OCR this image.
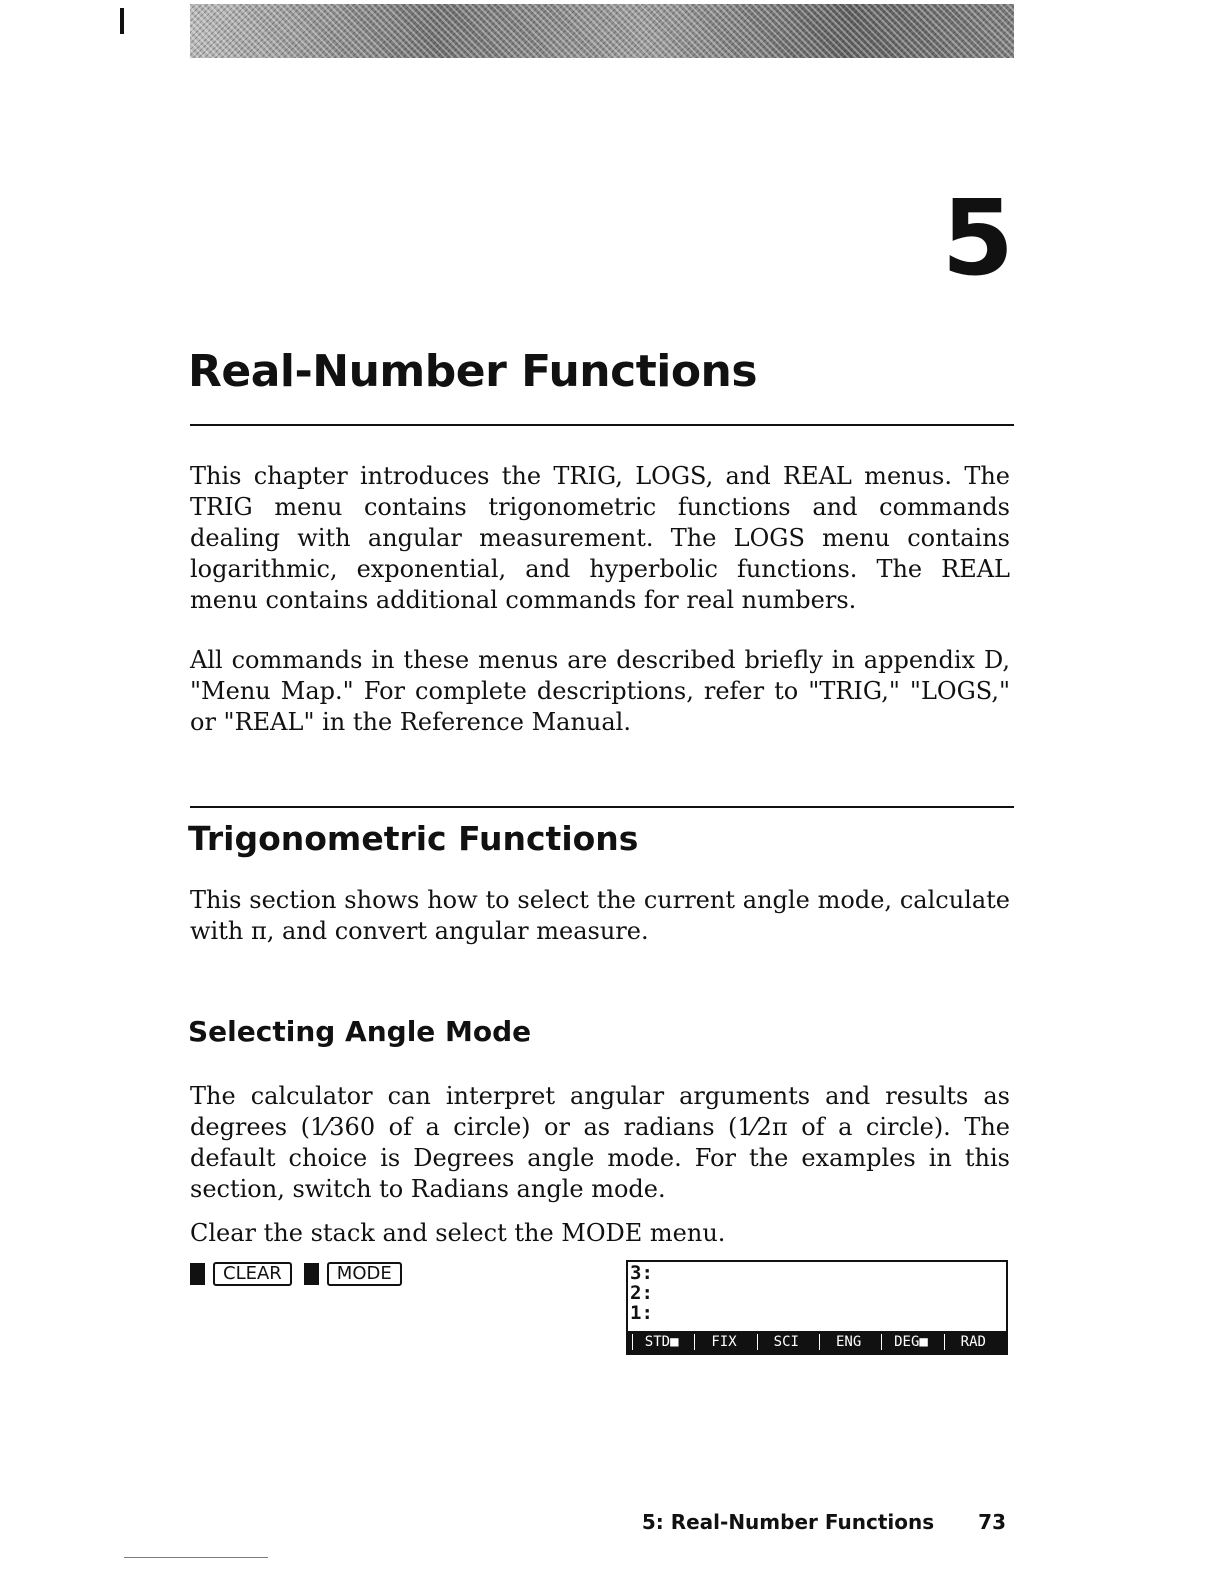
5
Real-Number Functions

This chapter introduces the TRIG, LOGS, and REAL menus. The TRIG menu contains trigonometric functions and commands dealing with angular measurement. The LOGS menu contains logarithmic, exponential, and hyperbolic functions. The REAL menu contains additional commands for real numbers.

All commands in these menus are described briefly in appendix D, "Menu Map." For complete descriptions, refer to "TRIG," "LOGS," or "REAL" in the Reference Manual.

Trigonometric Functions

This section shows how to select the current angle mode, calculate with π, and convert angular measure.

Selecting Angle Mode

The calculator can interpret angular arguments and results as degrees (1⁄360 of a circle) or as radians (1⁄2π of a circle). The default choice is Degrees angle mode. For the examples in this section, switch to Radians angle mode.

Clear the stack and select the MODE menu.

CLEAR	MODE	3:
2:
1:
STD■	FIX	SCI	ENG	DEG■	RAD
5: Real-Number Functions 73
